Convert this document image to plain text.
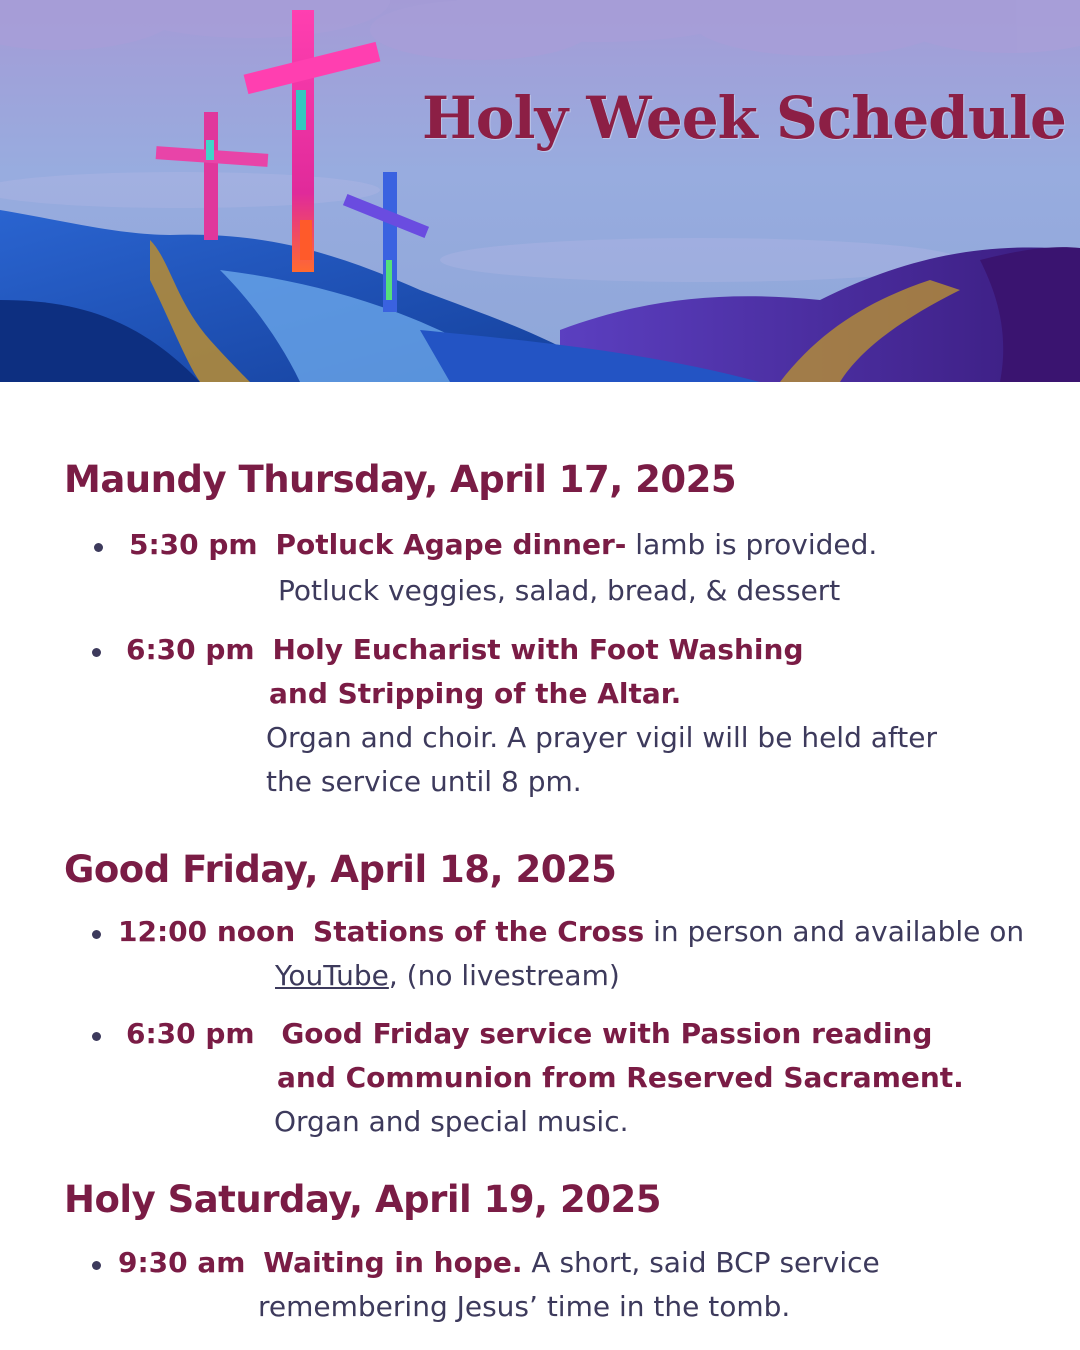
Holy Week Schedule
Maundy Thursday, April 17, 2025
5:30 pm Potluck Agape dinner- lamb is provided.
Potluck veggies, salad, bread, & dessert
6:30 pm Holy Eucharist with Foot Washing
and Stripping of the Altar.
Organ and choir. A prayer vigil will be held after
the service until 8 pm.
Good Friday, April 18, 2025
12:00 noon Stations of the Cross in person and available on
YouTube, (no livestream)
6:30 pm Good Friday service with Passion reading
and Communion from Reserved Sacrament.
Organ and special music.
Holy Saturday, April 19, 2025
9:30 am Waiting in hope. A short, said BCP service
remembering Jesus’ time in the tomb.
